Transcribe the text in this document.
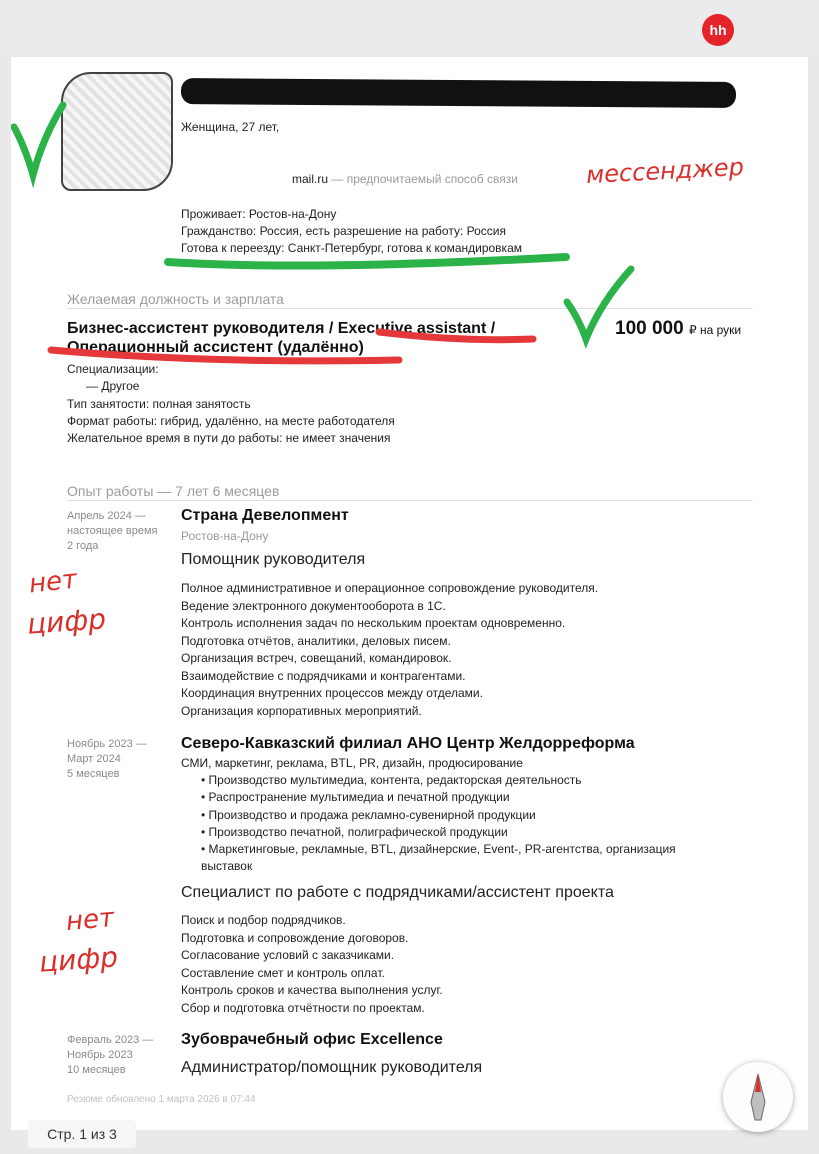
hh
Женщина, 27 лет,
mail.ru — предпочитаемый способ связи
Проживает: Ростов-на-Дону
Гражданство: Россия, есть разрешение на работу: Россия
Готова к переезду: Санкт-Петербург, готова к командировкам
Желаемая должность и зарплата
Бизнес-ассистент руководителя / Executive assistant /
Операционный ассистент (удалённо)
100 000 ₽ на руки
Специализации:
— Другое
Тип занятости: полная занятость
Формат работы: гибрид, удалённо, на месте работодателя
Желательное время в пути до работы: не имеет значения
Опыт работы — 7 лет 6 месяцев
Апрель 2024 —
настоящее время
2 года
Страна Девелопмент
Ростов-на-Дону
Помощник руководителя
Полное административное и операционное сопровождение руководителя.
Ведение электронного документооборота в 1С.
Контроль исполнения задач по нескольким проектам одновременно.
Подготовка отчётов, аналитики, деловых писем.
Организация встреч, совещаний, командировок.
Взаимодействие с подрядчиками и контрагентами.
Координация внутренних процессов между отделами.
Организация корпоративных мероприятий.
Ноябрь 2023 —
Март 2024
5 месяцев
Северо-Кавказский филиал АНО Центр Желдорреформа
СМИ, маркетинг, реклама, BTL, PR, дизайн, продюсирование
• Производство мультимедиа, контента, редакторская деятельность
• Распространение мультимедиа и печатной продукции
• Производство и продажа рекламно-сувенирной продукции
• Производство печатной, полиграфической продукции
• Маркетинговые, рекламные, BTL, дизайнерские, Event-, PR-агентства, организация
выставок
Специалист по работе с подрядчиками/ассистент проекта
Поиск и подбор подрядчиков.
Подготовка и сопровождение договоров.
Согласование условий с заказчиками.
Составление смет и контроль оплат.
Контроль сроков и качества выполнения услуг.
Сбор и подготовка отчётности по проектам.
Февраль 2023 —
Ноябрь 2023
10 месяцев
Зубоврачебный офис Excellence
Администратор/помощник руководителя
Резюме обновлено 1 марта 2026 в 07:44
мессенджер
нет
цифр
нет
цифр
Стр. 1 из 3
